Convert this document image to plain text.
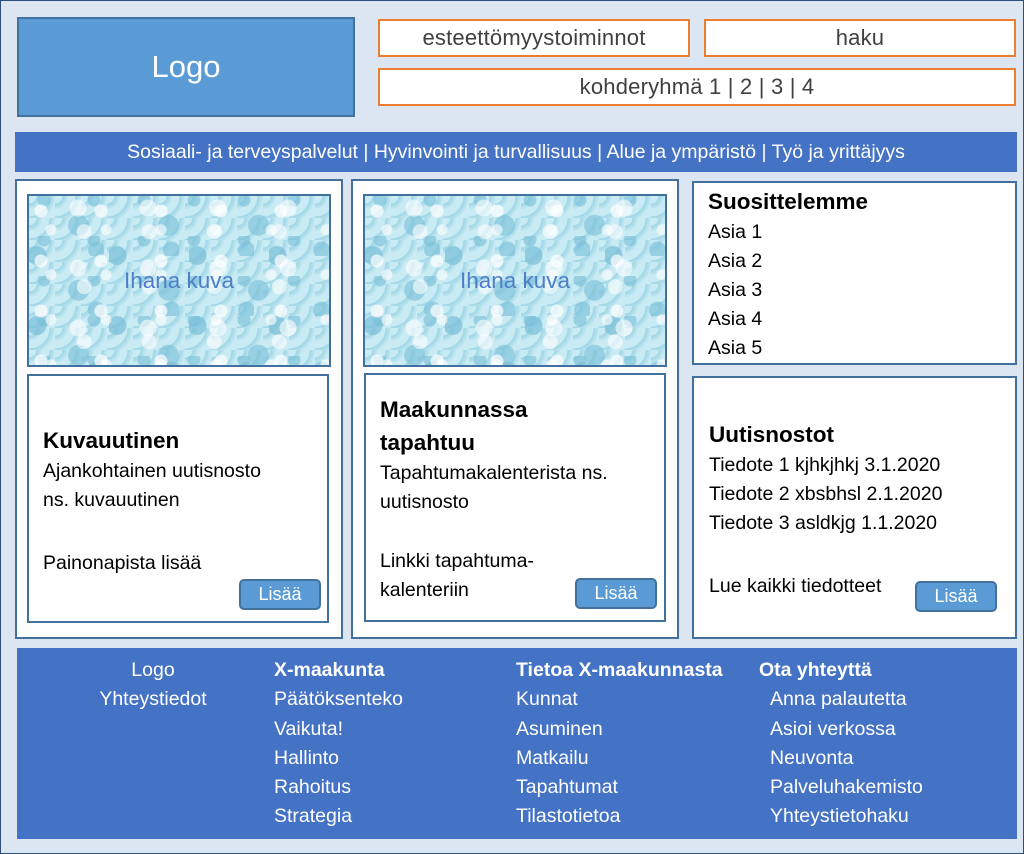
Logo
esteettömyystoiminnot	haku
kohderyhmä 1 | 2 | 3 | 4
Sosiaali- ja terveyspalvelut | Hyvinvointi ja turvallisuus | Alue ja ympäristö | Työ ja yrittäjyys
Ihana kuva
Kuvauutinen
Ajankohtainen uutisnosto
ns. kuvauutinen
Painonapista lisää
Lisää
Ihana kuva
Maakunnassa
tapahtuu
Tapahtumakalenterista ns.
uutisnosto
Linkki tapahtuma-
kalenteriin	Lisää
Suosittelemme
Asia 1
Asia 2
Asia 3
Asia 4
Asia 5
Uutisnostot
Tiedote 1 kjhkjhkj 3.1.2020
Tiedote 2 xbsbhsl 2.1.2020
Tiedote 3 asldkjg 1.1.2020
Lue kaikki tiedotteet	Lisää
Logo
Yhteystiedot
X-maakunta
Päätöksenteko
Vaikuta!
Hallinto
Rahoitus
Strategia
Tietoa X-maakunnasta
Kunnat
Asuminen
Matkailu
Tapahtumat
Tilastotietoa
Ota yhteyttä
Anna palautetta
Asioi verkossa
Neuvonta
Palveluhakemisto
Yhteystietohaku
